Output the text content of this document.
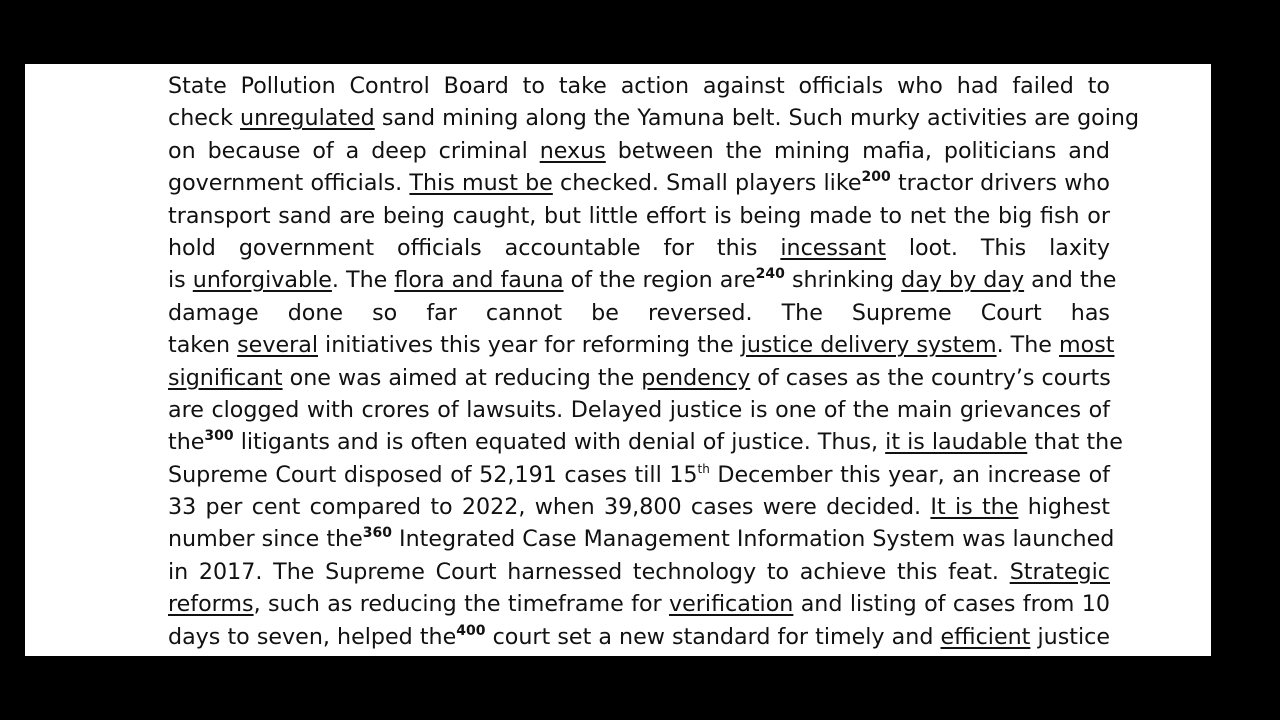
State Pollution Control Board to take action against officials who had failed to
check unregulated sand mining along the Yamuna belt. Such murky activities are going
on because of a deep criminal nexus between the mining mafia, politicians and
government officials. This must be checked. Small players like$^{200}$ tractor drivers who
transport sand are being caught, but little effort is being made to net the big fish or
hold government officials accountable for this incessant loot. This laxity
is unforgivable. The flora and fauna of the region are$^{240}$ shrinking day by day and the
damage done so far cannot be reversed. The Supreme Court has
taken several initiatives this year for reforming the justice delivery system. The most
significant one was aimed at reducing the pendency of cases as the country’s courts
are clogged with crores of lawsuits. Delayed justice is one of the main grievances of
the$^{300}$ litigants and is often equated with denial of justice. Thus, it is laudable that the
Supreme Court disposed of 52,191 cases till 15th December this year, an increase of
33 per cent compared to 2022, when 39,800 cases were decided. It is the highest
number since the$^{360}$ Integrated Case Management Information System was launched
in 2017. The Supreme Court harnessed technology to achieve this feat. Strategic
reforms, such as reducing the timeframe for verification and listing of cases from 10
days to seven, helped the$^{400}$ court set a new standard for timely and efficient justice
